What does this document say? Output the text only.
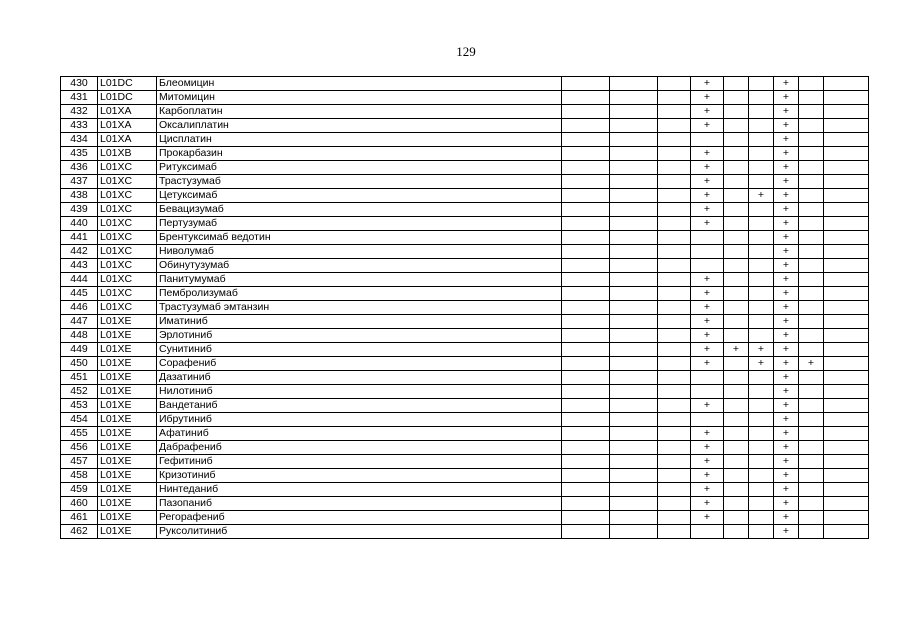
129
430	L01DC	Блеомицин				+			+		
431	L01DC	Митомицин				+			+		
432	L01XA	Карбоплатин				+			+		
433	L01XA	Оксалиплатин				+			+		
434	L01XA	Цисплатин							+		
435	L01XB	Прокарбазин				+			+		
436	L01XC	Ритуксимаб				+			+		
437	L01XC	Трастузумаб				+			+		
438	L01XC	Цетуксимаб				+		+	+		
439	L01XC	Бевацизумаб				+			+		
440	L01XC	Пертузумаб				+			+		
441	L01XC	Брентуксимаб ведотин							+		
442	L01XC	Ниволумаб							+		
443	L01XC	Обинутузумаб							+		
444	L01XC	Панитумумаб				+			+		
445	L01XC	Пембролизумаб				+			+		
446	L01XC	Трастузумаб эмтанзин				+			+		
447	L01XE	Иматиниб				+			+		
448	L01XE	Эрлотиниб				+			+		
449	L01XE	Сунитиниб				+	+	+	+		
450	L01XE	Сорафениб				+		+	+	+	
451	L01XE	Дазатиниб							+		
452	L01XE	Нилотиниб							+		
453	L01XE	Вандетаниб				+			+		
454	L01XE	Ибрутиниб							+		
455	L01XE	Афатиниб				+			+		
456	L01XE	Дабрафениб				+			+		
457	L01XE	Гефитиниб				+			+		
458	L01XE	Кризотиниб				+			+		
459	L01XE	Нинтеданиб				+			+		
460	L01XE	Пазопаниб				+			+		
461	L01XE	Регорафениб				+			+		
462	L01XE	Руксолитиниб							+		
